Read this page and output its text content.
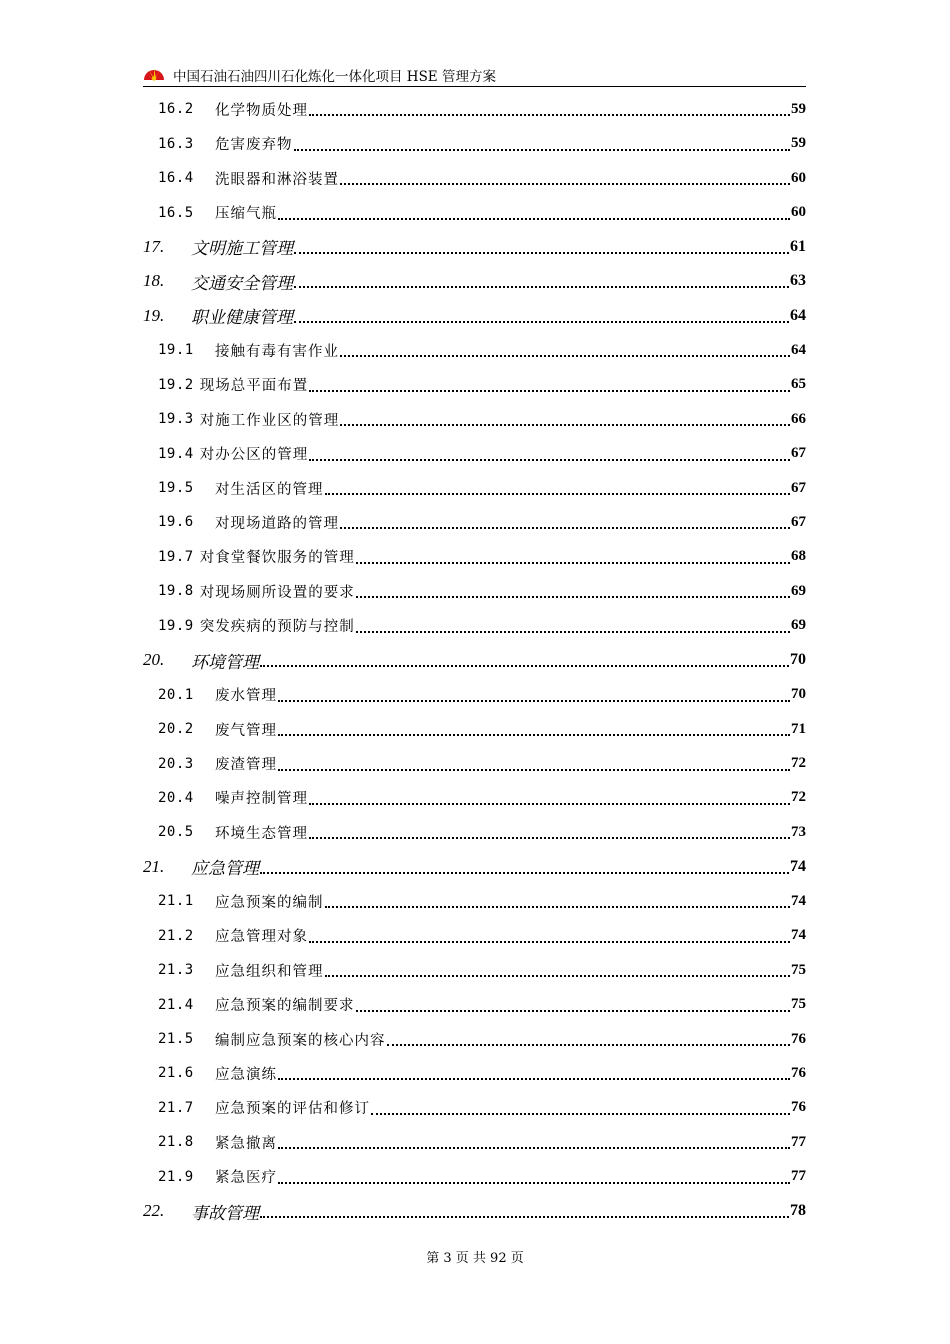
中国石油石油四川石化炼化一体化项目 HSE 管理方案
16.2	化学物质处理	59
16.3	危害废弃物	59
16.4	洗眼器和淋浴装置	60
16.5	压缩气瓶	60
17.	文明施工管理	61
18.	交通安全管理	63
19.	职业健康管理	64
19.1	接触有毒有害作业	64
19.2 现场总平面布置	65
19.3 对施工作业区的管理	66
19.4 对办公区的管理	67
19.5	对生活区的管理	67
19.6	对现场道路的管理	67
19.7 对食堂餐饮服务的管理	68
19.8 对现场厕所设置的要求	69
19.9 突发疾病的预防与控制	69
20.	环境管理	70
20.1	废水管理	70
20.2	废气管理	71
20.3	废渣管理	72
20.4	噪声控制管理	72
20.5	环境生态管理	73
21.	应急管理	74
21.1	应急预案的编制	74
21.2	应急管理对象	74
21.3	应急组织和管理	75
21.4	应急预案的编制要求	75
21.5	编制应急预案的核心内容	76
21.6	应急演练	76
21.7	应急预案的评估和修订	76
21.8	紧急撤离	77
21.9	紧急医疗	77
22.	事故管理	78
第 3 页 共 92 页
